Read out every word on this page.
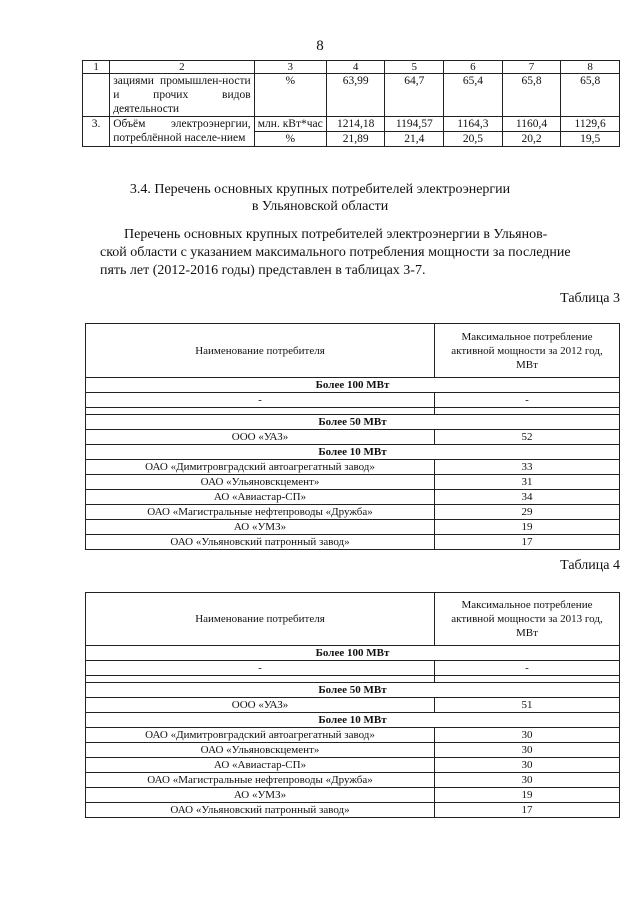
8
1	2	3	4	5	6	7	8
	зациями промышлен-ности и прочих видов деятельности	%	63,99	64,7	65,4	65,8	65,8
3.	Объём электроэнергии, потреблённой населе-нием	млн. кВт*час	1214,18	1194,57	1164,3	1160,4	1129,6
		%	21,89	21,4	20,5	20,2	19,5
3.4. Перечень основных крупных потребителей электроэнергии
в Ульяновской области
Перечень основных крупных потребителей электроэнергии в Ульянов-
ской области с указанием максимального потребления мощности за последние
пять лет (2012-2016 годы) представлен в таблицах 3-7.
Таблица 3
Наименование потребителя	Максимальное потребление активной мощности за 2012 год, МВт
Более 100 МВт	
-	-

Более 50 МВт	
ООО «УАЗ»	52
Более 10 МВт	
ОАО «Димитровградский автоагрегатный завод»	33
ОАО «Ульяновскцемент»	31
АО «Авиастар-СП»	34
ОАО «Магистральные нефтепроводы «Дружба»	29
АО «УМЗ»	19
ОАО «Ульяновский патронный завод»	17
Таблица 4
Наименование потребителя	Максимальное потребление активной мощности за 2013 год, МВт
Более 100 МВт	
-	-

Более 50 МВт	
ООО «УАЗ»	51
Более 10 МВт	
ОАО «Димитровградский автоагрегатный завод»	30
ОАО «Ульяновскцемент»	30
АО «Авиастар-СП»	30
ОАО «Магистральные нефтепроводы «Дружба»	30
АО «УМЗ»	19
ОАО «Ульяновский патронный завод»	17
